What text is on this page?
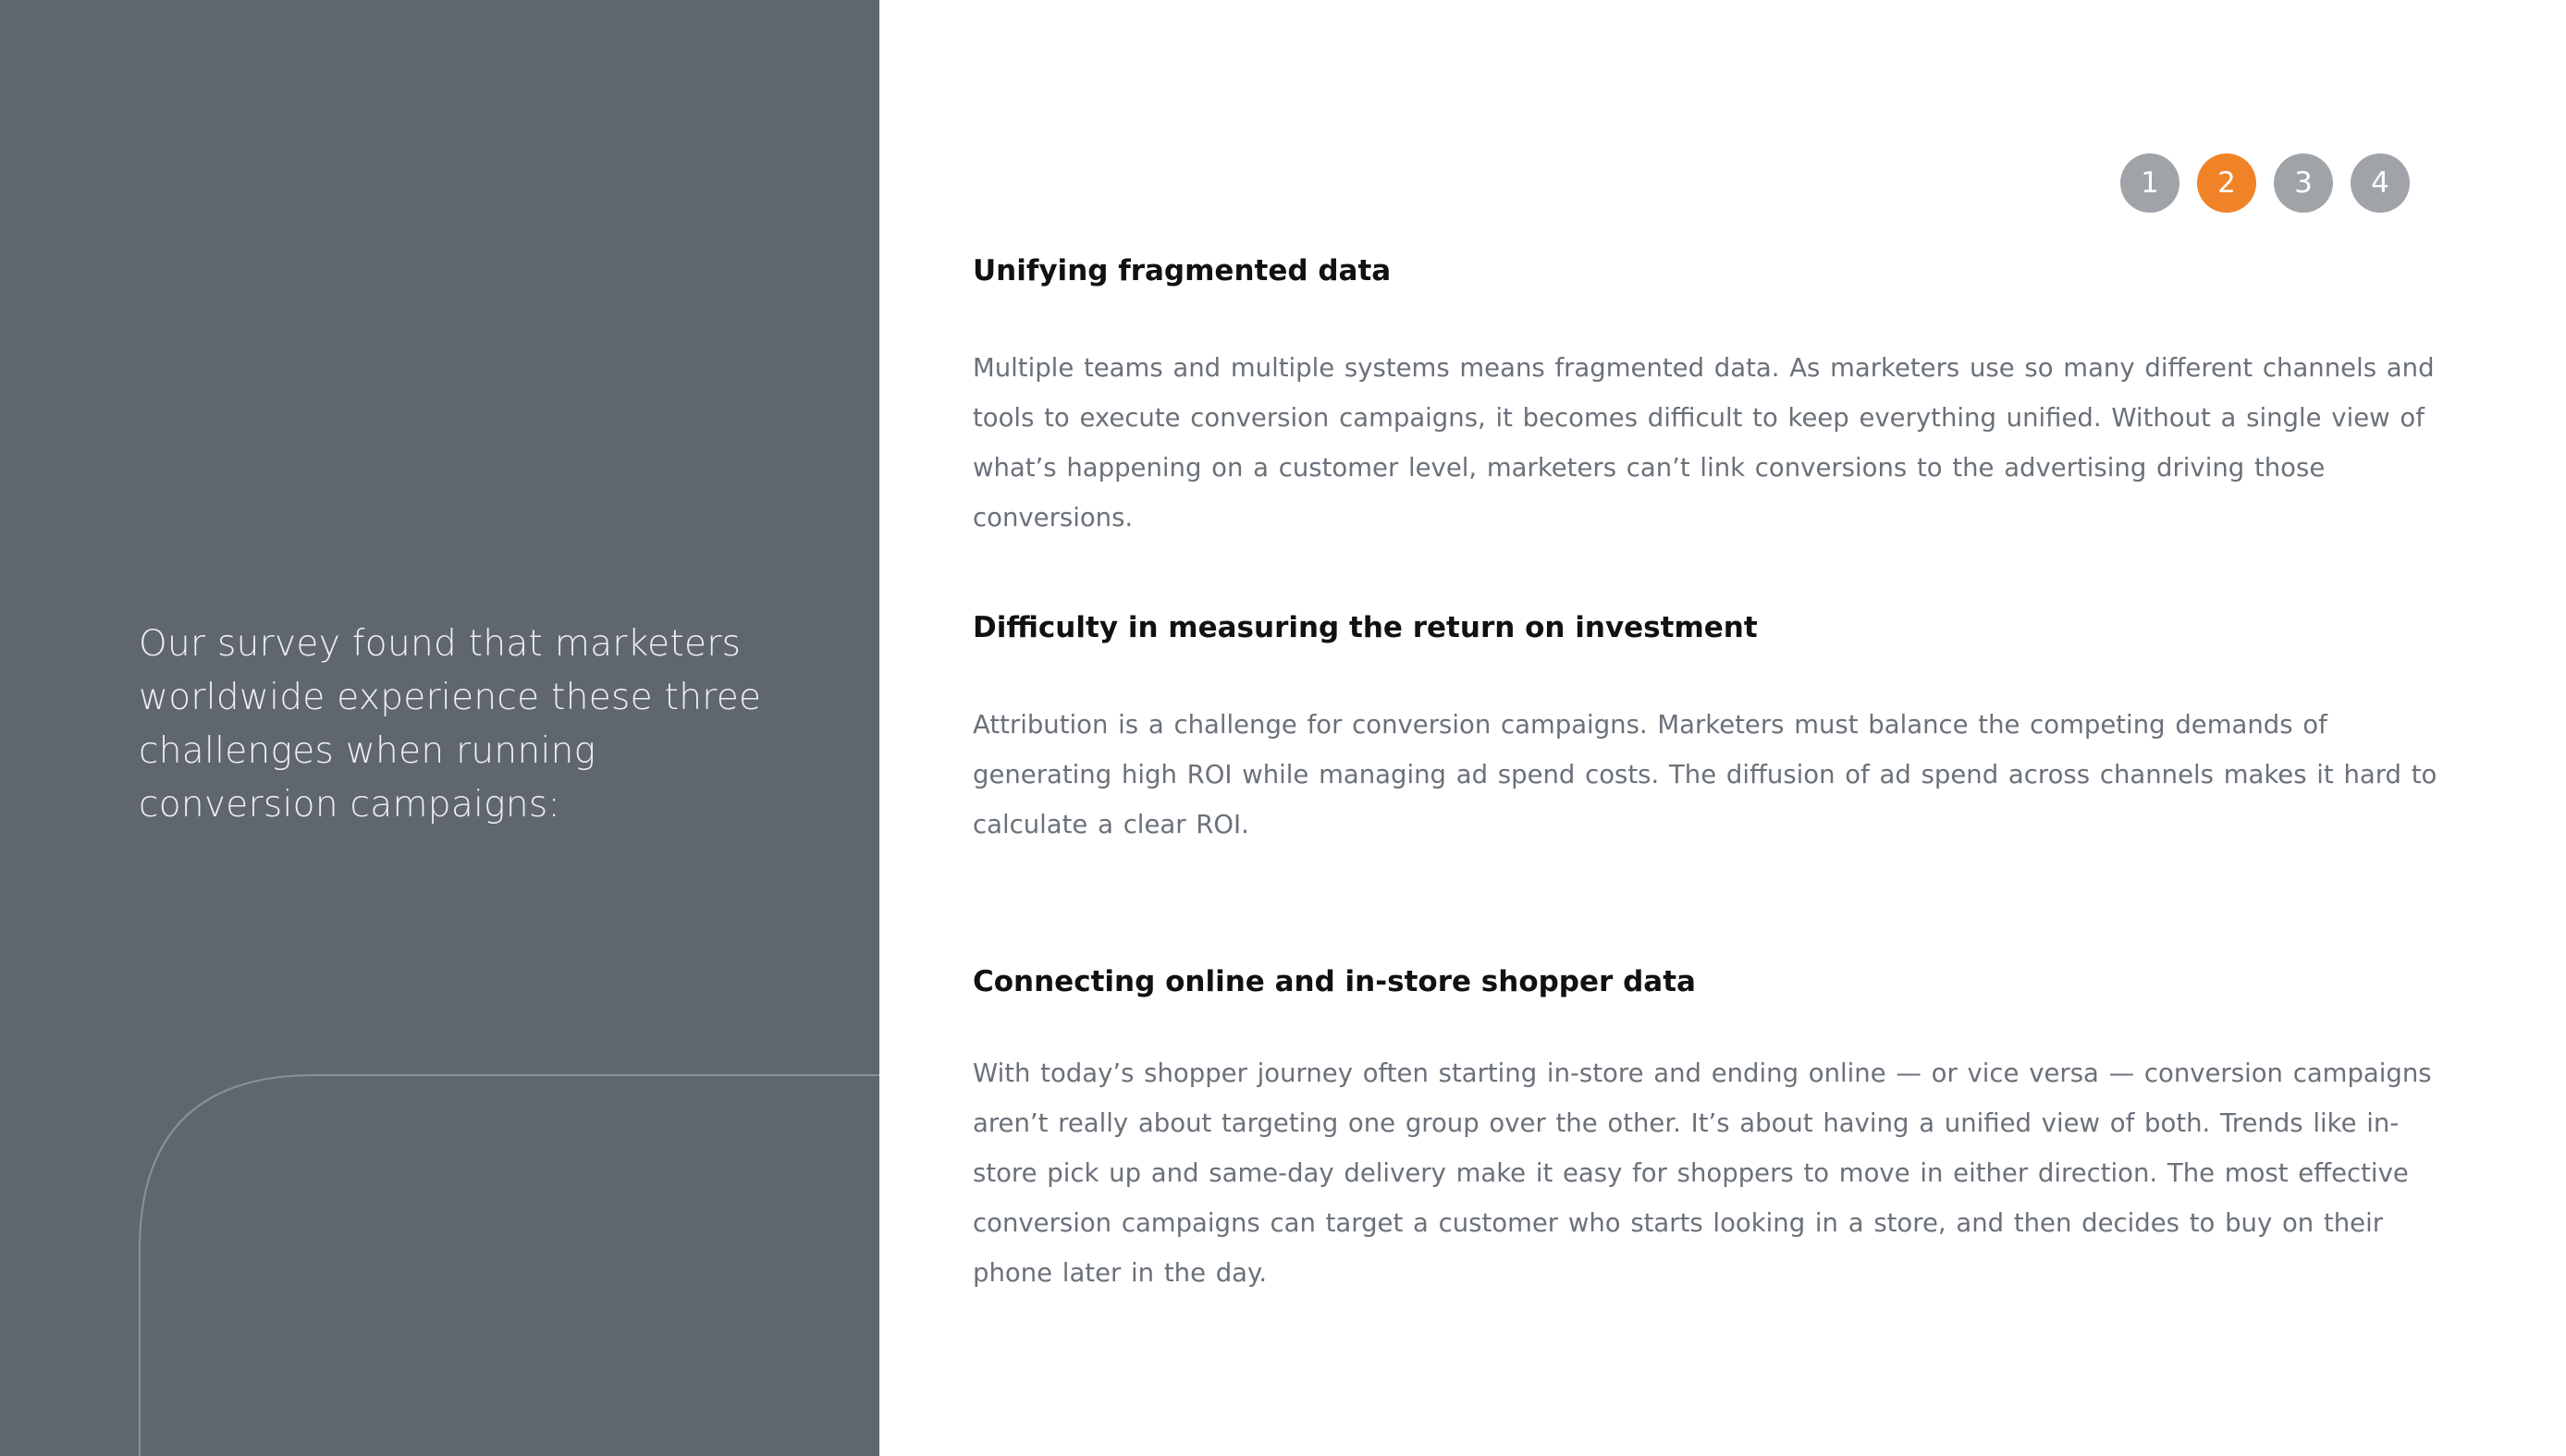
Our survey found that marketers worldwide experience these three challenges when running conversion campaigns:

1	2	3	4
Unifying fragmented data

Multiple teams and multiple systems means fragmented data. As marketers use so many different channels and tools to execute conversion campaigns, it becomes difficult to keep everything unified. Without a single view of what’s happening on a customer level, marketers can’t link conversions to the advertising driving those conversions.

Difficulty in measuring the return on investment

Attribution is a challenge for conversion campaigns. Marketers must balance the competing demands of generating high ROI while managing ad spend costs. The diffusion of ad spend across channels makes it hard to calculate a clear ROI.

Connecting online and in-store shopper data

With today’s shopper journey often starting in-store and ending online — or vice versa — conversion campaigns aren’t really about targeting one group over the other. It’s about having a unified view of both. Trends like in-store pick up and same-day delivery make it easy for shoppers to move in either direction. The most effective conversion campaigns can target a customer who starts looking in a store, and then decides to buy on their phone later in the day.
